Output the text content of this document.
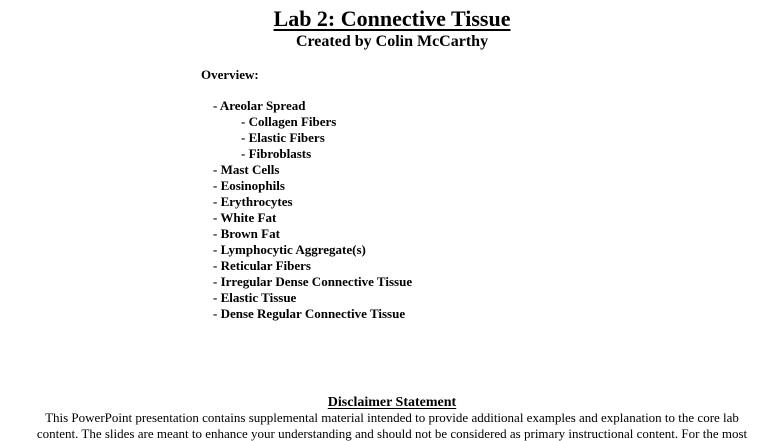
Lab 2: Connective Tissue
Created by Colin McCarthy
Overview:
- Areolar Spread
- Collagen Fibers
- Elastic Fibers
- Fibroblasts
- Mast Cells
- Eosinophils
- Erythrocytes
- White Fat
- Brown Fat
- Lymphocytic Aggregate(s)
- Reticular Fibers
- Irregular Dense Connective Tissue
- Elastic Tissue
- Dense Regular Connective Tissue
Disclaimer Statement
This PowerPoint presentation contains supplemental material intended to provide additional examples and explanation to the core lab
content. The slides are meant to enhance your understanding and should not be considered as primary instructional content. For the most
